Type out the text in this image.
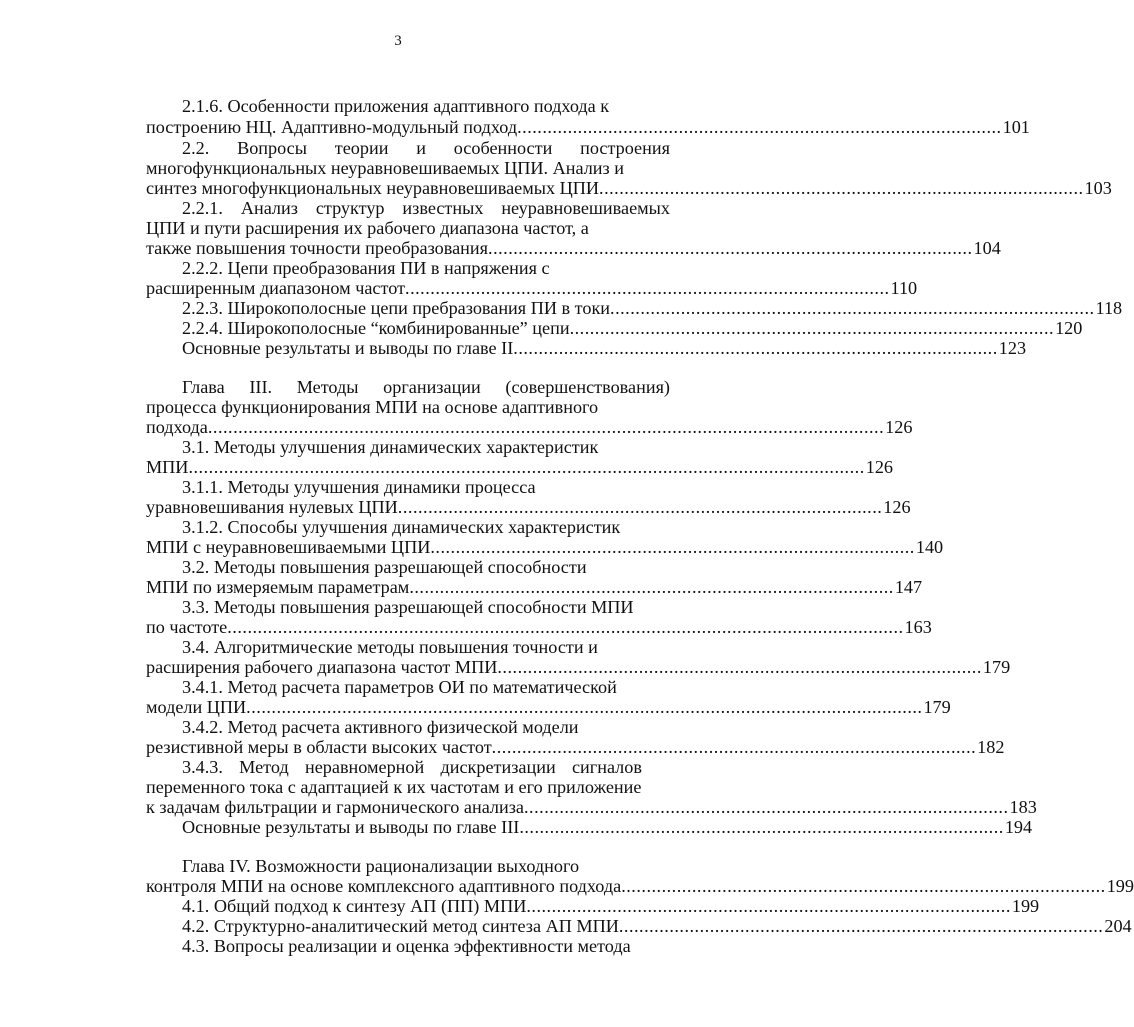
3
2.1.6. Особенности приложения адаптивного подхода к
построению НЦ. Адаптивно-модульный подход ................................................................................................ 101
2.2. Вопросы теории и особенности построения
многофункциональных неуравновешиваемых ЦПИ. Анализ и
синтез многофункциональных неуравновешиваемых ЦПИ ................................................................................................ 103
2.2.1. Анализ структур известных неуравновешиваемых
ЦПИ и пути расширения их рабочего диапазона частот, а
также повышения точности преобразования ................................................................................................ 104
2.2.2. Цепи преобразования ПИ в напряжения с
расширенным диапазоном частот ................................................................................................ 110
2.2.3. Широкополосные цепи пребразования ПИ в токи ................................................................................................ 118
2.2.4. Широкополосные “комбинированные” цепи ................................................................................................ 120
Основные результаты и выводы по главе II ................................................................................................ 123
Глава III. Методы организации (совершенствования)
процесса функционирования МПИ на основе адаптивного
подхода ...................................................................................................................................... 126
3.1. Методы улучшения динамических характеристик
МПИ ...................................................................................................................................... 126
3.1.1. Методы улучшения динамики процесса
уравновешивания нулевых ЦПИ ................................................................................................ 126
3.1.2. Способы улучшения динамических характеристик
МПИ с неуравновешиваемыми ЦПИ ................................................................................................ 140
3.2. Методы повышения разрешающей способности
МПИ по измеряемым параметрам ................................................................................................ 147
3.3. Методы повышения разрешающей способности МПИ
по частоте ...................................................................................................................................... 163
3.4. Алгоритмические методы повышения точности и
расширения рабочего диапазона частот МПИ ................................................................................................ 179
3.4.1. Метод расчета параметров ОИ по математической
модели ЦПИ ...................................................................................................................................... 179
3.4.2. Метод расчета активного физической модели
резистивной меры в области высоких частот ................................................................................................ 182
3.4.3. Метод неравномерной дискретизации сигналов
переменного тока с адаптацией к их частотам и его приложение
к задачам фильтрации и гармонического анализа ................................................................................................ 183
Основные результаты и выводы по главе III ................................................................................................ 194
Глава IV. Возможности рационализации выходного
контроля МПИ на основе комплексного адаптивного подхода ................................................................................................ 199
4.1. Общий подход к синтезу АП (ПП) МПИ ................................................................................................ 199
4.2. Структурно-аналитический метод синтеза АП МПИ ................................................................................................ 204
4.3. Вопросы реализации и оценка эффективности метода
